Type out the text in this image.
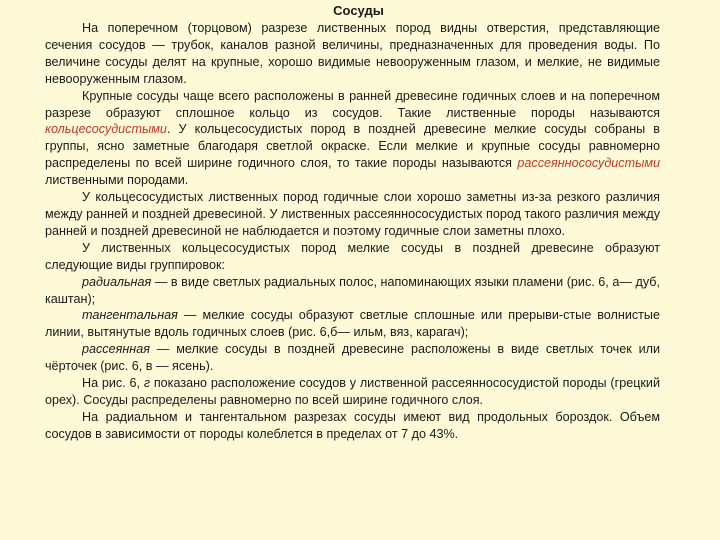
Сосуды

На поперечном (торцовом) разрезе лиственных пород видны отверстия, представляющие сечения сосудов — трубок, каналов разной величины, предназначенных для проведения воды. По величине сосуды делят на крупные, хорошо видимые невооруженным глазом, и мелкие, не видимые невооруженным глазом.

Крупные сосуды чаще всего расположены в ранней древесине годичных слоев и на поперечном разрезе образуют сплошное кольцо из сосудов. Такие лиственные породы называются кольцесосудистыми. У кольцесосудистых пород в поздней древесине мелкие сосуды собраны в группы, ясно заметные благодаря светлой окраске. Если мелкие и крупные сосуды равномерно распределены по всей ширине годичного слоя, то такие породы называются рассеяннососудистыми лиственными породами.

У кольцесосудистых лиственных пород годичные слои хорошо заметны из-за резкого различия между ранней и поздней древесиной. У лиственных рассеяннососудистых пород такого различия между ранней и поздней древесиной не наблюдается и поэтому годичные слои заметны плохо.

У лиственных кольцесосудистых пород мелкие сосуды в поздней древесине образуют следующие виды группировок:

радиальная — в виде светлых радиальных полос, напоминающих языки пламени (рис. 6, а— дуб, каштан);

тангентальная — мелкие сосуды образуют светлые сплошные или прерыви-стые волнистые линии, вытянутые вдоль годичных слоев (рис. 6,б— ильм, вяз, карагач);

рассеянная — мелкие сосуды в поздней древесине расположены в виде светлых точек или чёрточек (рис. 6, в — ясень).

На рис. 6, г показано расположение сосудов у лиственной рассеяннососудистой породы (грецкий орех). Сосуды распределены равномерно по всей ширине годичного слоя.

На радиальном и тангентальном разрезах сосуды имеют вид продольных бороздок. Объем сосудов в зависимости от породы колеблется в пределах от 7 до 43%.
